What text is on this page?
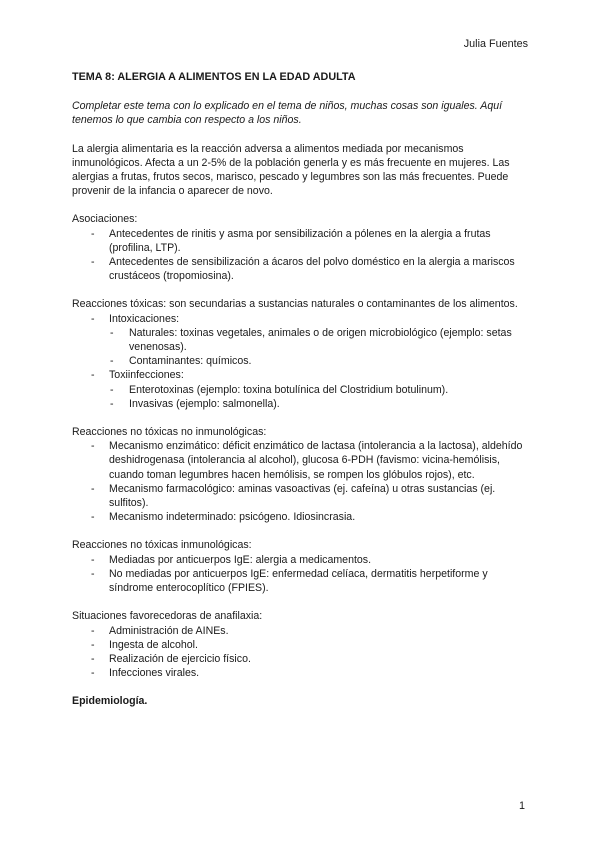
Julia Fuentes

TEMA 8: ALERGIA A ALIMENTOS EN LA EDAD ADULTA

Completar este tema con lo explicado en el tema de niños, muchas cosas son iguales. Aquí tenemos lo que cambia con respecto a los niños.

La alergia alimentaria es la reacción adversa a alimentos mediada por mecanismos inmunológicos. Afecta a un 2-5% de la población generla y es más frecuente en mujeres. Las alergias a frutas, frutos secos, marisco, pescado y legumbres son las más frecuentes. Puede provenir de la infancia o aparecer de novo.

Asociaciones:

- Antecedentes de rinitis y asma por sensibilización a pólenes en la alergia a frutas (profilina, LTP).
- Antecedentes de sensibilización a ácaros del polvo doméstico en la alergia a mariscos crustáceos (tropomiosina).

Reacciones tóxicas: son secundarias a sustancias naturales o contaminantes de los alimentos.

- Intoxicaciones:
- Naturales: toxinas vegetales, animales o de origen microbiológico (ejemplo: setas venenosas).
- Contaminantes: químicos.
- Toxiinfecciones:
- Enterotoxinas (ejemplo: toxina botulínica del Clostridium botulinum).
- Invasivas (ejemplo: salmonella).

Reacciones no tóxicas no inmunológicas:

- Mecanismo enzimático: déficit enzimático de lactasa (intolerancia a la lactosa), aldehído deshidrogenasa (intolerancia al alcohol), glucosa 6-PDH (favismo: vicina-hemólisis, cuando toman legumbres hacen hemólisis, se rompen los glóbulos rojos), etc.
- Mecanismo farmacológico: aminas vasoactivas (ej. cafeína) u otras sustancias (ej. sulfitos).
- Mecanismo indeterminado: psicógeno. Idiosincrasia.

Reacciones no tóxicas inmunológicas:

- Mediadas por anticuerpos IgE: alergia a medicamentos.
- No mediadas por anticuerpos IgE: enfermedad celíaca, dermatitis herpetiforme y síndrome enterocoplítico (FPIES).

Situaciones favorecedoras de anafilaxia:

- Administración de AINEs.
- Ingesta de alcohol.
- Realización de ejercicio físico.
- Infecciones virales.

Epidemiología.

1
